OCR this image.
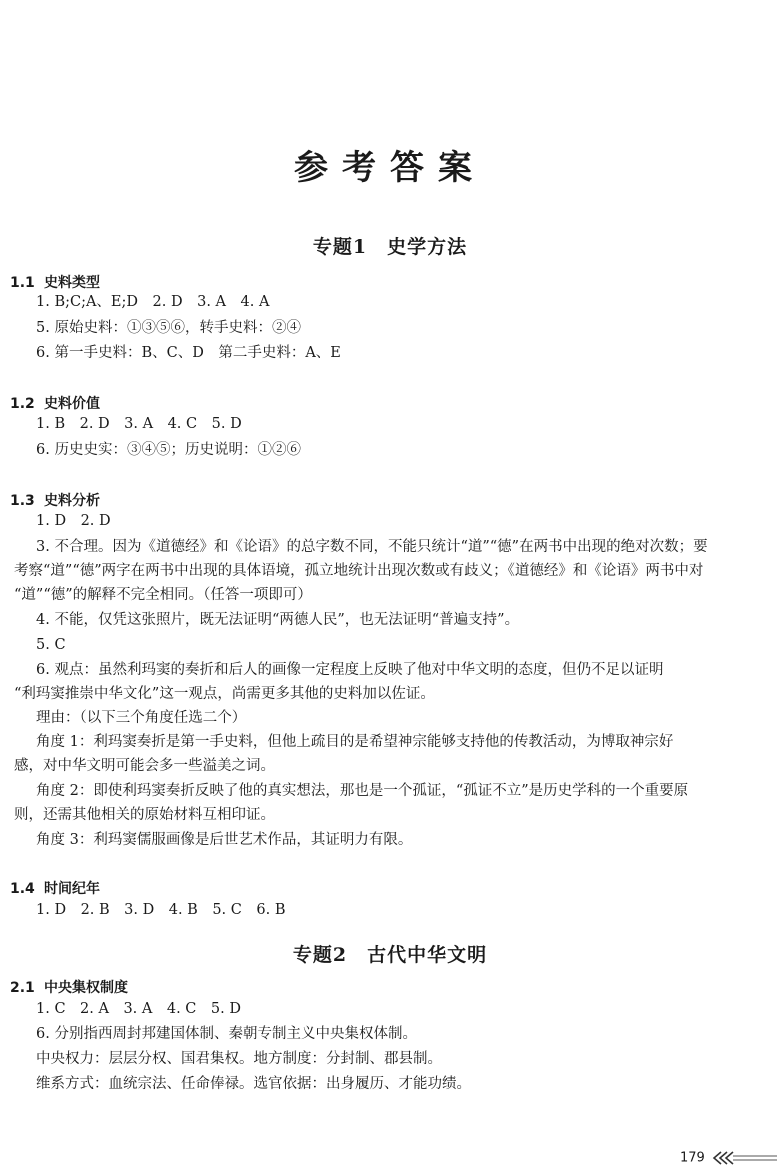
参考答案
专题1　史学方法
1.1 史料类型

1. B;C;A、E;D　2. D　3. A　4. A

5. 原始史料：①③⑤⑥，转手史料：②④

6. 第一手史料：B、C、D　第二手史料：A、E

1.2 史料价值

1. B　2. D　3. A　4. C　5. D

6. 历史史实：③④⑤；历史说明：①②⑥

1.3 史料分析

1. D　2. D

3. 不合理。因为《道德经》和《论语》的总字数不同，不能只统计“道”“德”在两书中出现的绝对次数；要

考察“道”“德”两字在两书中出现的具体语境，孤立地统计出现次数或有歧义；《道德经》和《论语》两书中对

“道”“德”的解释不完全相同。（任答一项即可）

4. 不能，仅凭这张照片，既无法证明“两德人民”，也无法证明“普遍支持”。

5. C

6. 观点：虽然利玛窦的奏折和后人的画像一定程度上反映了他对中华文明的态度，但仍不足以证明

“利玛窦推崇中华文化”这一观点，尚需更多其他的史料加以佐证。

理由：（以下三个角度任选二个）

角度 1：利玛窦奏折是第一手史料，但他上疏目的是希望神宗能够支持他的传教活动，为博取神宗好

感，对中华文明可能会多一些溢美之词。

角度 2：即使利玛窦奏折反映了他的真实想法，那也是一个孤证，“孤证不立”是历史学科的一个重要原

则，还需其他相关的原始材料互相印证。

角度 3：利玛窦儒服画像是后世艺术作品，其证明力有限。

1.4 时间纪年

1. D　2. B　3. D　4. B　5. C　6. B

专题2　古代中华文明
2.1 中央集权制度

1. C　2. A　3. A　4. C　5. D

6. 分别指西周封邦建国体制、秦朝专制主义中央集权体制。

中央权力：层层分权、国君集权。地方制度：分封制、郡县制。

维系方式：血统宗法、任命俸禄。选官依据：出身履历、才能功绩。

179
